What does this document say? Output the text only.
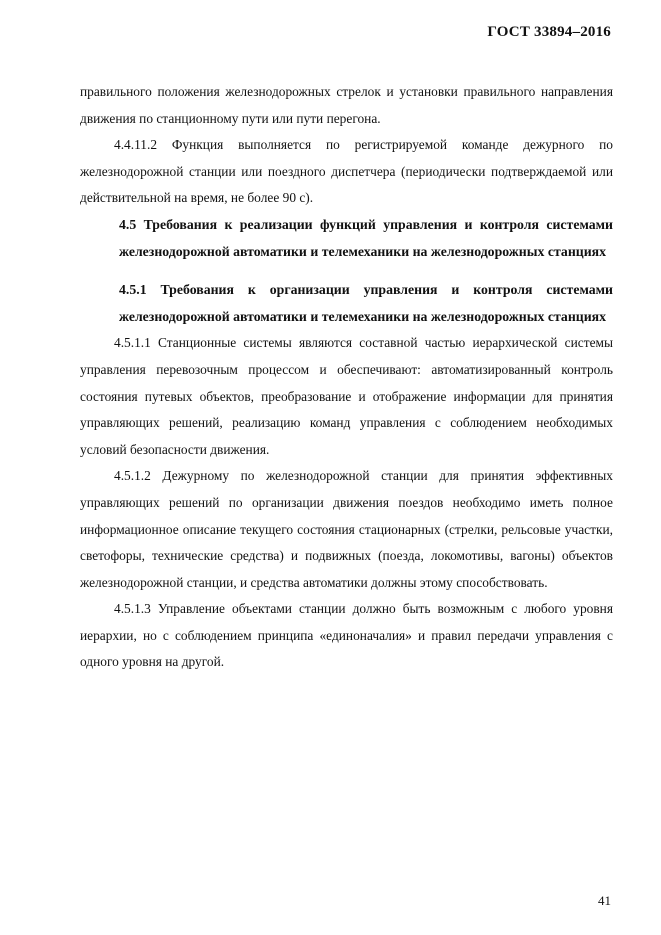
ГОСТ 33894–2016

правильного положения железнодорожных стрелок и установки правильного направления движения по станционному пути или пути перегона.

4.4.11.2 Функция выполняется по регистрируемой команде дежурного по железнодорожной станции или поездного диспетчера (периодически подтверждаемой или действительной на время, не более 90 с).

4.5 Требования к реализации функций управления и контроля системами железнодорожной автоматики и телемеханики на железнодорожных станциях

4.5.1 Требования к организации управления и контроля системами железнодорожной автоматики и телемеханики на железнодорожных станциях

4.5.1.1 Станционные системы являются составной частью иерархической системы управления перевозочным процессом и обеспечивают: автоматизированный контроль состояния путевых объектов, преобразование и отображение информации для принятия управляющих решений, реализацию команд управления с соблюдением необходимых условий безопасности движения.

4.5.1.2 Дежурному по железнодорожной станции для принятия эффективных управляющих решений по организации движения поездов необходимо иметь полное информационное описание текущего состояния стационарных (стрелки, рельсовые участки, светофоры, технические средства) и подвижных (поезда, локомотивы, вагоны) объектов железнодорожной станции, и средства автоматики должны этому способствовать.

4.5.1.3 Управление объектами станции должно быть возможным с любого уровня иерархии, но с соблюдением принципа «единоначалия» и правил передачи управления с одного уровня на другой.

41
